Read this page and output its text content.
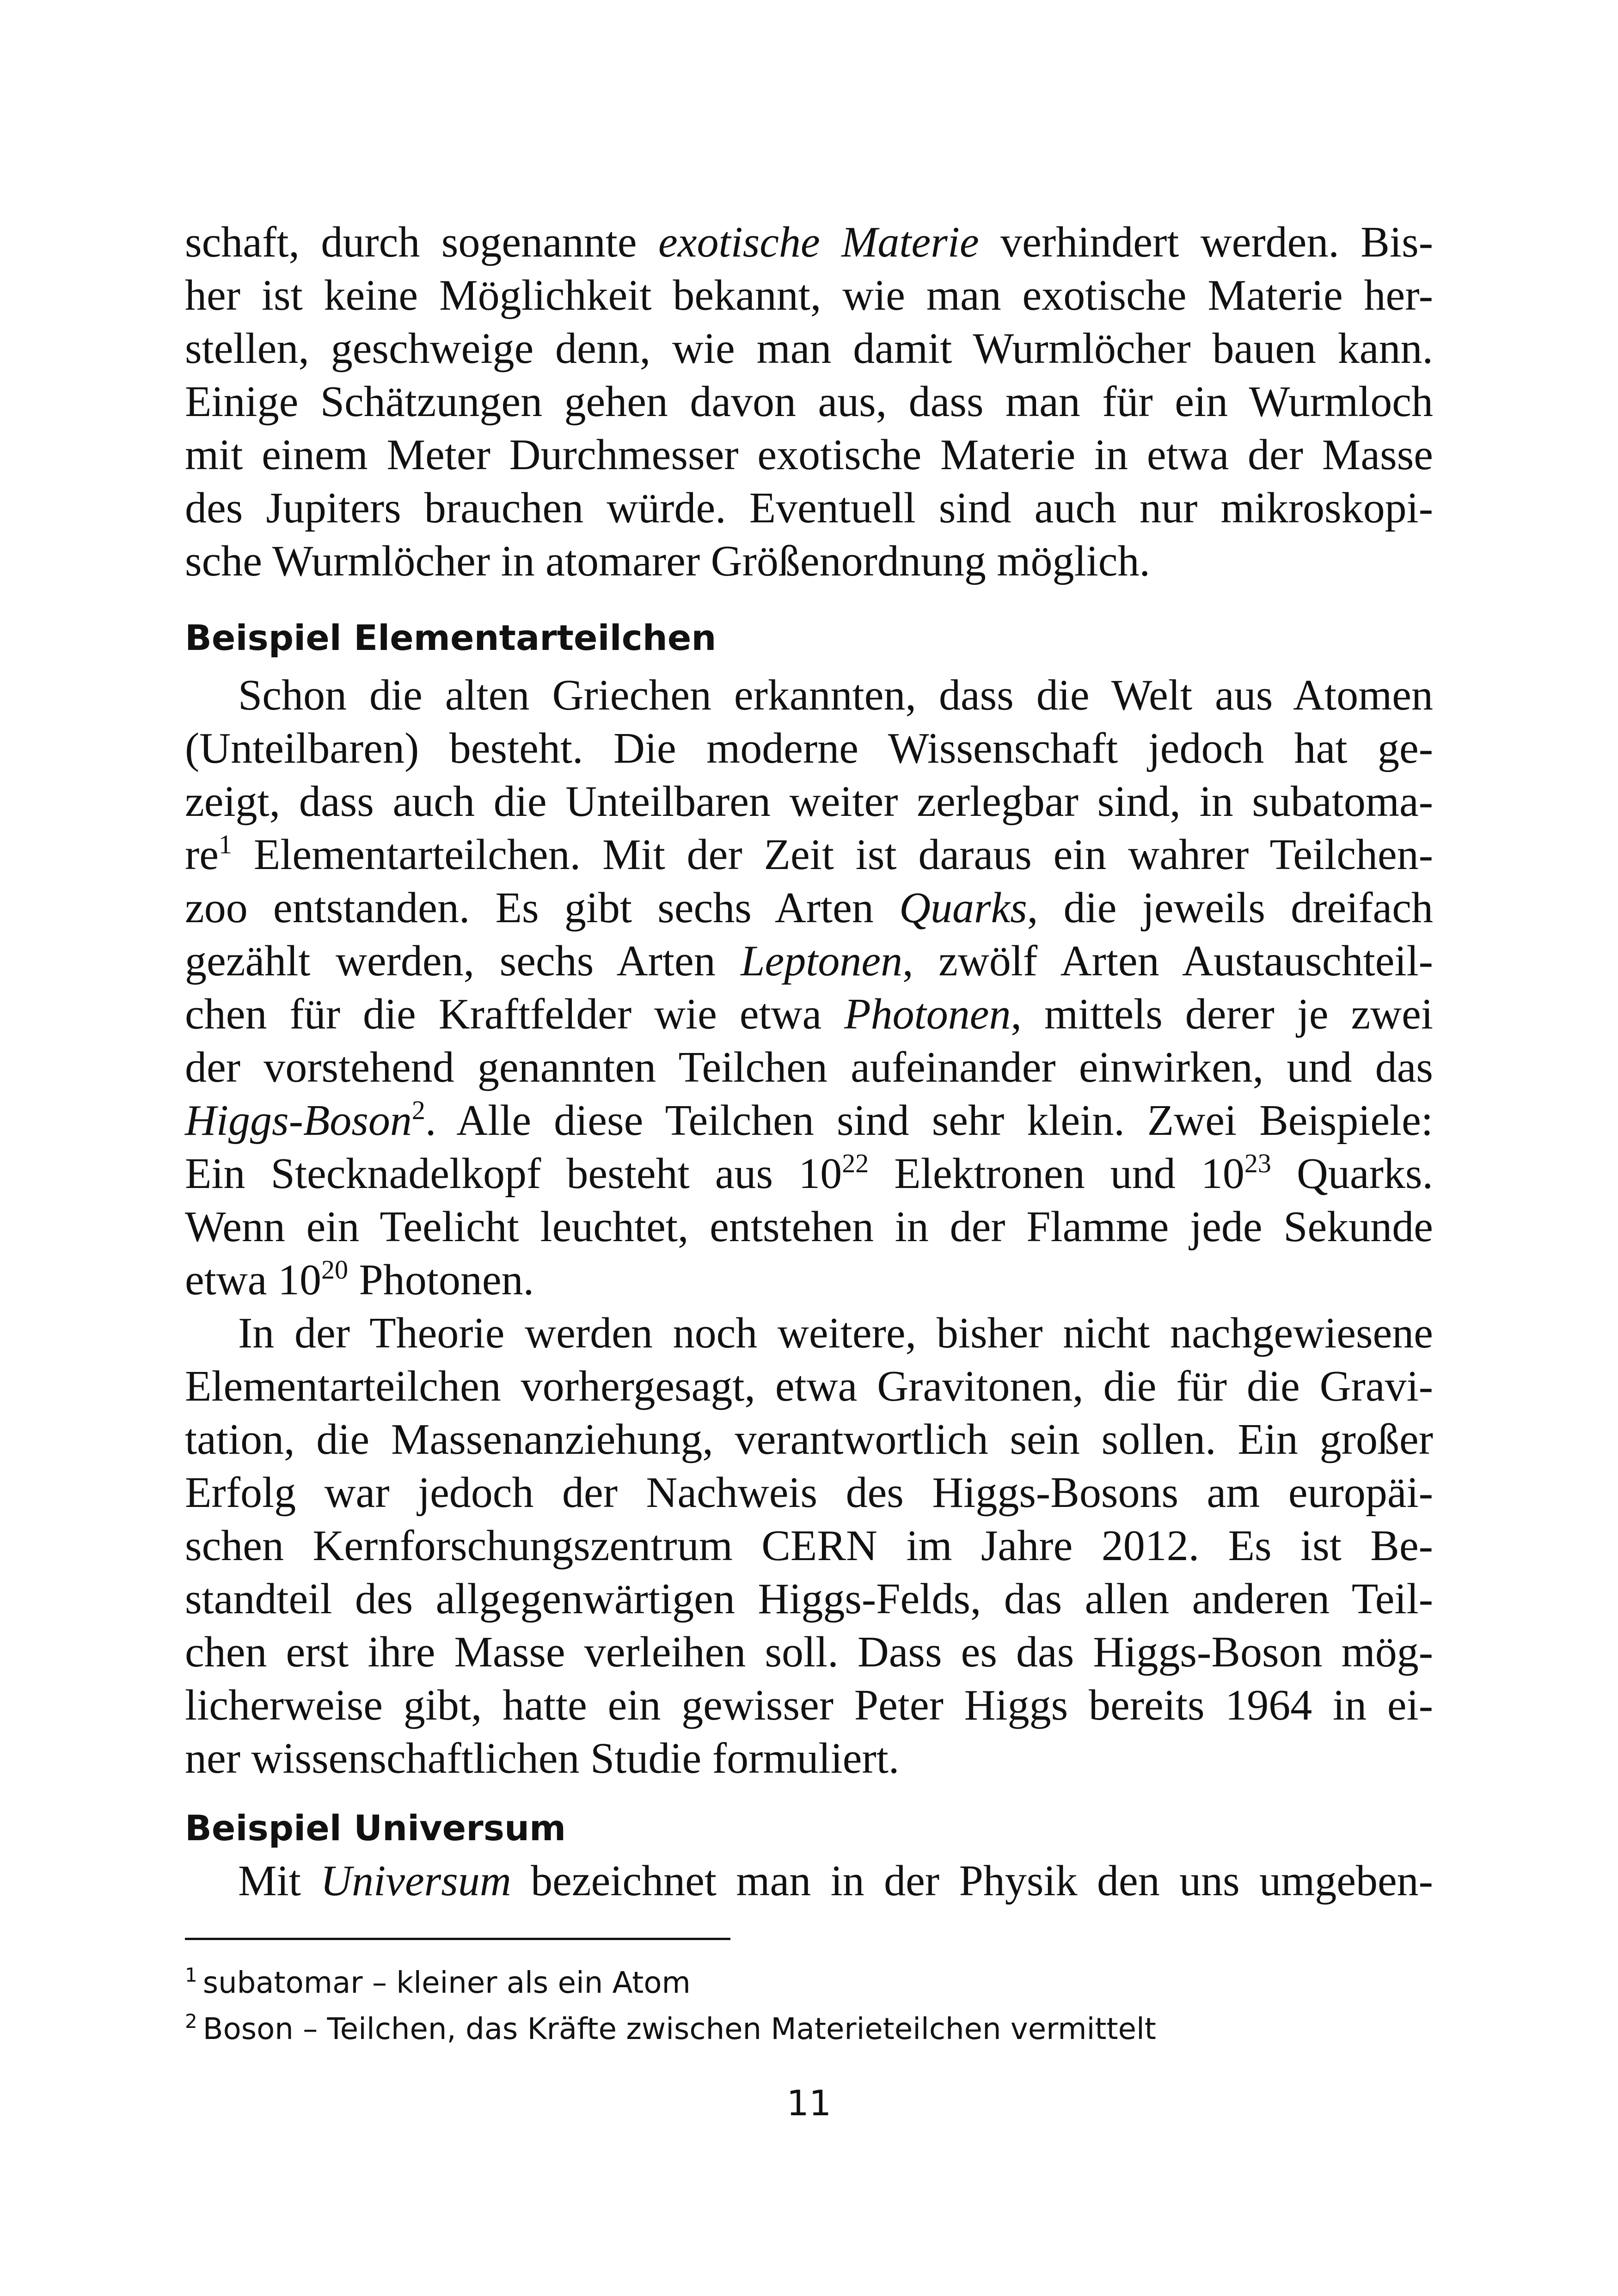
schaft, durch sogenannte exotische Materie verhindert werden. Bis-
her ist keine Möglichkeit bekannt, wie man exotische Materie her-
stellen, geschweige denn, wie man damit Wurmlöcher bauen kann.
Einige Schätzungen gehen davon aus, dass man für ein Wurmloch
mit einem Meter Durchmesser exotische Materie in etwa der Masse
des Jupiters brauchen würde. Eventuell sind auch nur mikroskopi-
sche Wurmlöcher in atomarer Größenordnung möglich.
Beispiel Elementarteilchen
Schon die alten Griechen erkannten, dass die Welt aus Atomen
(Unteilbaren) besteht. Die moderne Wissenschaft jedoch hat ge-
zeigt, dass auch die Unteilbaren weiter zerlegbar sind, in subatoma-
$re^1$ Elementarteilchen. Mit der Zeit ist daraus ein wahrer Teilchen-
zoo entstanden. Es gibt sechs Arten Quarks, die jeweils dreifach
gezählt werden, sechs Arten Leptonen, zwölf Arten Austauschteil-
chen für die Kraftfelder wie etwa Photonen, mittels derer je zwei
der vorstehend genannten Teilchen aufeinander einwirken, und das
Higgs-Boson$^2$. Alle diese Teilchen sind sehr klein. Zwei Beispiele:
Ein Stecknadelkopf besteht aus $10^{22}$ Elektronen und $10^{23}$ Quarks.
Wenn ein Teelicht leuchtet, entstehen in der Flamme jede Sekunde
etwa $10^{20}$ Photonen.
In der Theorie werden noch weitere, bisher nicht nachgewiesene
Elementarteilchen vorhergesagt, etwa Gravitonen, die für die Gravi-
tation, die Massenanziehung, verantwortlich sein sollen. Ein großer
Erfolg war jedoch der Nachweis des Higgs-Bosons am europäi-
schen Kernforschungszentrum CERN im Jahre 2012. Es ist Be-
standteil des allgegenwärtigen Higgs-Felds, das allen anderen Teil-
chen erst ihre Masse verleihen soll. Dass es das Higgs-Boson mög-
licherweise gibt, hatte ein gewisser Peter Higgs bereits 1964 in ei-
ner wissenschaftlichen Studie formuliert.
Beispiel Universum
Mit Universum bezeichnet man in der Physik den uns umgeben-
$^1$ subatomar – kleiner als ein Atom
$^2$ Boson – Teilchen, das Kräfte zwischen Materieteilchen vermittelt
11
